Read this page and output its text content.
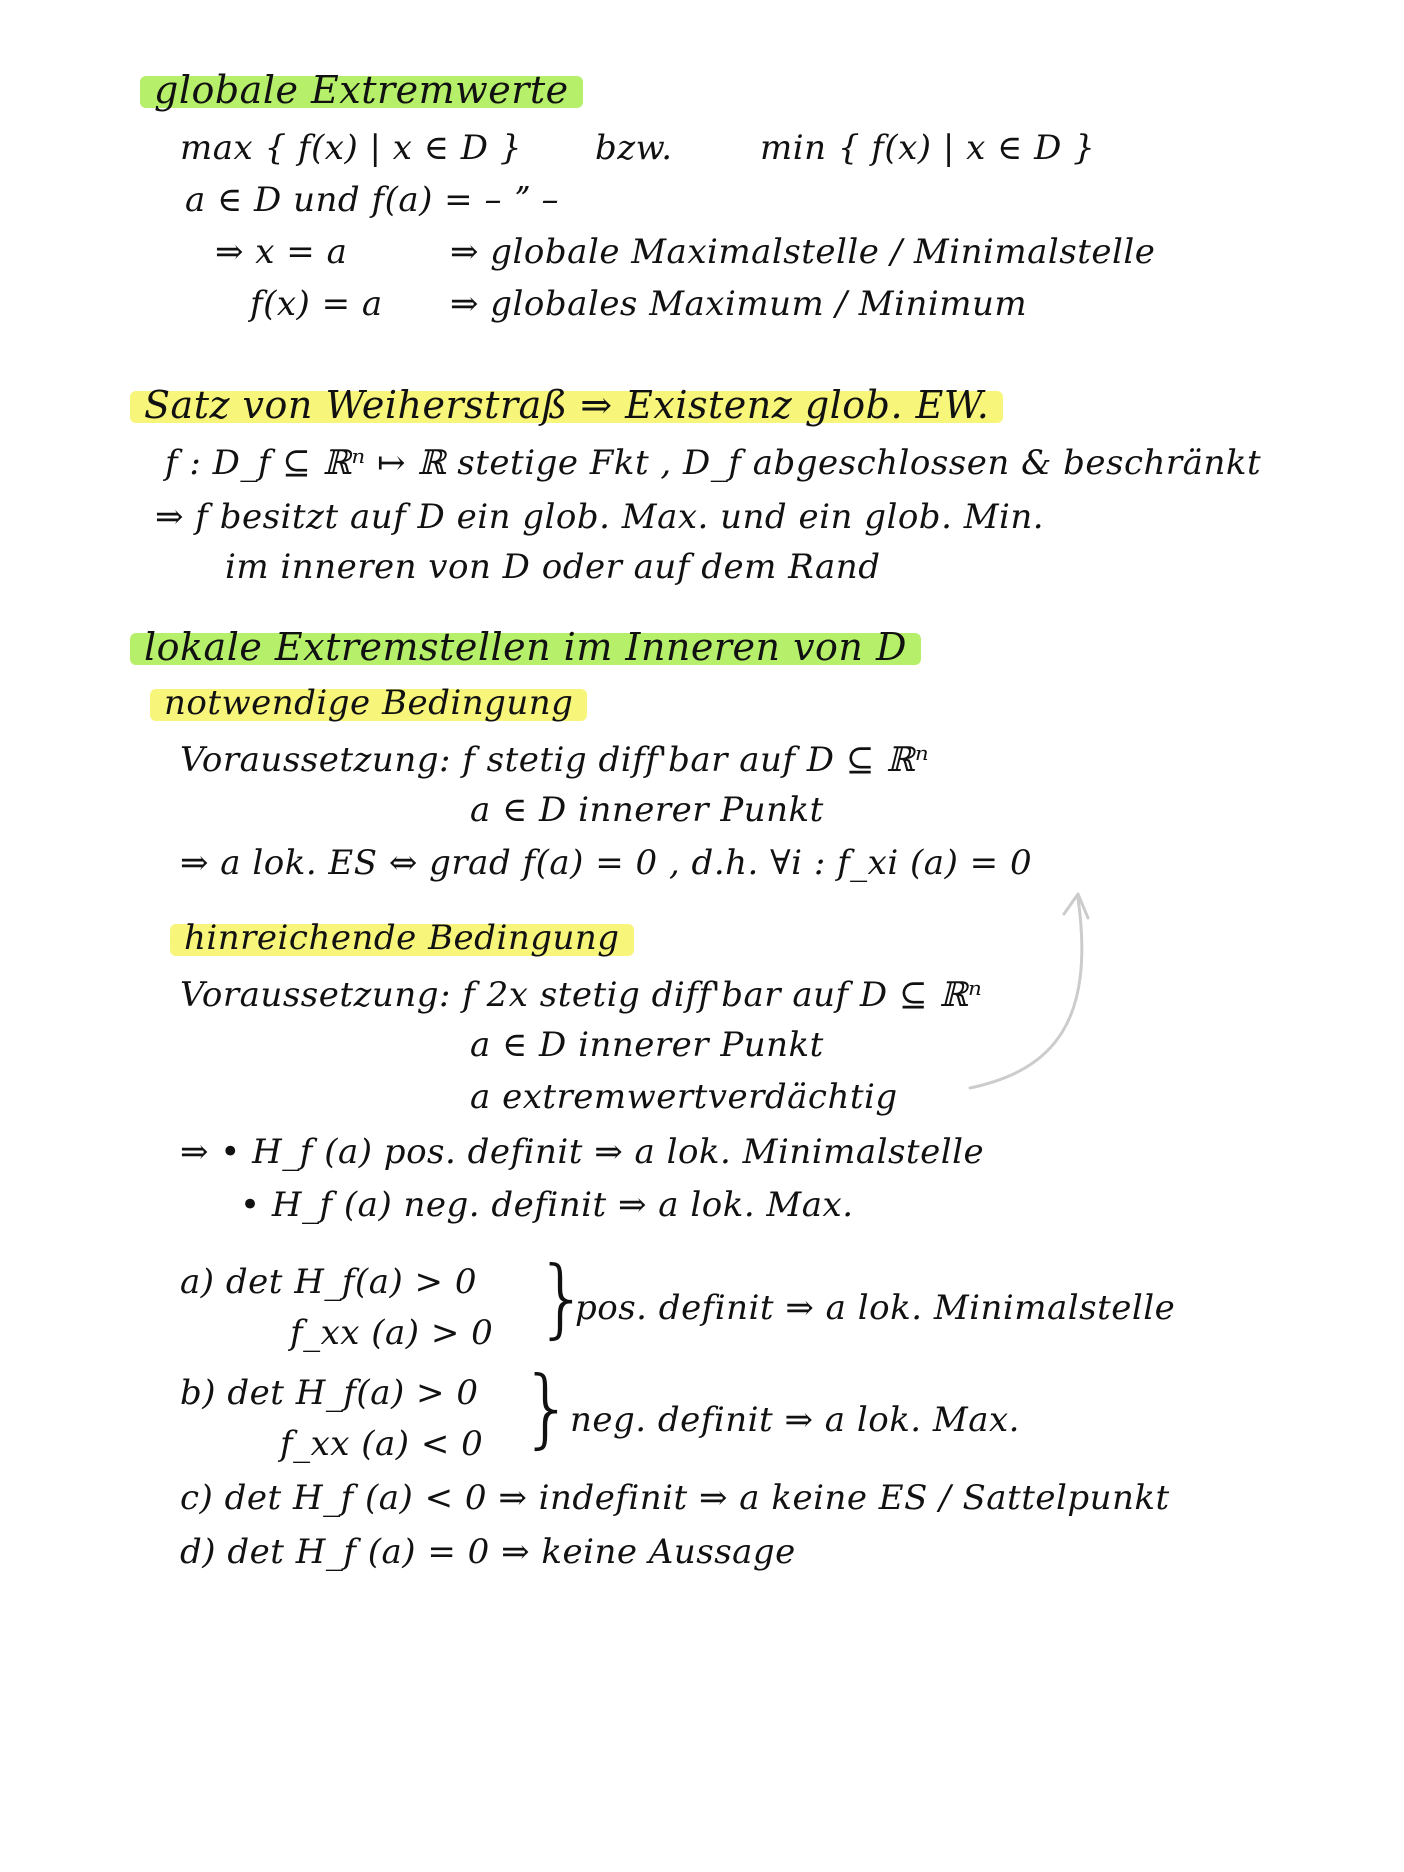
globale Extremwerte
max { f(x) | x ∈ D } bzw.	min { f(x) | x ∈ D }
a ∈ D und f(a) = – ˮ –
⇒ x = a	⇒ globale Maximalstelle / Minimalstelle
f(x) = a ⇒ globales Maximum / Minimum
Satz von Weiherstraß ⇒ Existenz glob. EW.
f : D_f ⊆ ℝⁿ ↦ ℝ stetige Fkt , D_f abgeschlossen & beschränkt
⇒ f besitzt auf D ein glob. Max. und ein glob. Min.
im inneren von D oder auf dem Rand
lokale Extremstellen im Inneren von D
notwendige Bedingung
Voraussetzung: f stetig diff'bar auf D ⊆ ℝⁿ
a ∈ D innerer Punkt
⇒ a lok. ES ⇔ grad f(a) = 0 , d.h. ∀i : f_xi (a) = 0
hinreichende Bedingung
Voraussetzung: f 2x stetig diff'bar auf D ⊆ ℝⁿ
a ∈ D innerer Punkt
a extremwertverdächtig
⇒ • H_f (a) pos. definit ⇒ a lok. Minimalstelle
• H_f (a) neg. definit ⇒ a lok. Max.
a) det H_f(a) > 0
f_xx (a) > 0 }
pos. definit ⇒ a lok. Minimalstelle
b) det H_f(a) > 0
f_xx (a) < 0 }
neg. definit ⇒ a lok. Max.
c) det H_f (a) < 0 ⇒ indefinit ⇒ a keine ES / Sattelpunkt
d) det H_f (a) = 0 ⇒ keine Aussage
